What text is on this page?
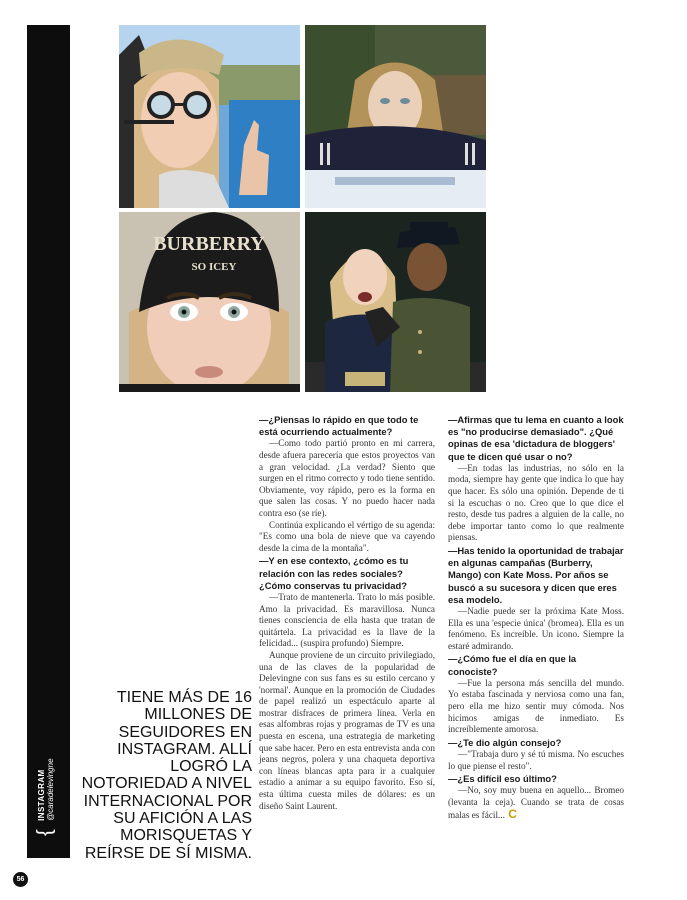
{
INSTAGRAM @caradelevingne
56
BURBERRY
SO ICEY
TIENE MÁS DE 16 MILLONES DE SEGUIDORES EN INSTAGRAM. ALLÍ LOGRÓ LA NOTORIEDAD A NIVEL INTERNACIONAL POR SU AFICIÓN A LAS MORISQUETAS Y REÍRSE DE SÍ MISMA.

—¿Piensas lo rápido en que todo te está ocurriendo actualmente?

—Como todo partió pronto en mi carrera, desde afuera parecería que estos proyectos van a gran velocidad. ¿La verdad? Siento que surgen en el ritmo correcto y todo tiene sentido. Obviamente, voy rápido, pero es la forma en que salen las cosas. Y no puedo hacer nada contra eso (se ríe).

Continúa explicando el vértigo de su agenda: "Es como una bola de nieve que va cayendo desde la cima de la montaña".

—Y en ese contexto, ¿cómo es tu relación con las redes sociales? ¿Cómo conservas tu privacidad?

—Trato de mantenerla. Trato lo más posible. Amo la privacidad. Es maravillosa. Nunca tienes consciencia de ella hasta que tratan de quitártela. La privacidad es la llave de la felicidad... (suspira profundo) Siempre.

Aunque proviene de un circuito privilegiado, una de las claves de la popularidad de Delevingne con sus fans es su estilo cercano y 'normal'. Aunque en la promoción de Ciudades de papel realizó un espectáculo aparte al mostrar disfraces de primera línea. Verla en esas alfombras rojas y programas de TV es una puesta en escena, una estrategia de marketing que sabe hacer. Pero en esta entrevista anda con jeans negros, polera y una chaqueta deportiva con líneas blancas apta para ir a cualquier estadio a animar a su equipo favorito. Eso sí, esta última cuesta miles de dólares: es un diseño Saint Laurent.

—Afirmas que tu lema en cuanto a look es "no producirse demasiado". ¿Qué opinas de esa 'dictadura de bloggers' que te dicen qué usar o no?

—En todas las industrias, no sólo en la moda, siempre hay gente que indica lo que hay que hacer. Es sólo una opinión. Depende de ti si la escuchas o no. Creo que lo que dice el resto, desde tus padres a alguien de la calle, no debe importar tanto como lo que realmente piensas.

—Has tenido la oportunidad de trabajar en algunas campañas (Burberry, Mango) con Kate Moss. Por años se buscó a su sucesora y dicen que eres esa modelo.

—Nadie puede ser la próxima Kate Moss. Ella es una 'especie única' (bromea). Ella es un fenómeno. Es increíble. Un icono. Siempre la estaré admirando.

—¿Cómo fue el día en que la conociste?

—Fue la persona más sencilla del mundo. Yo estaba fascinada y nerviosa como una fan, pero ella me hizo sentir muy cómoda. Nos hicimos amigas de inmediato. Es increíblemente amorosa.

—¿Te dio algún consejo?

—"Trabaja duro y sé tú misma. No escuches lo que piense el resto".

—¿Es difícil eso último?

—No, soy muy buena en aquello... Bromeo (levanta la ceja). Cuando se trata de cosas malas es fácil... C
